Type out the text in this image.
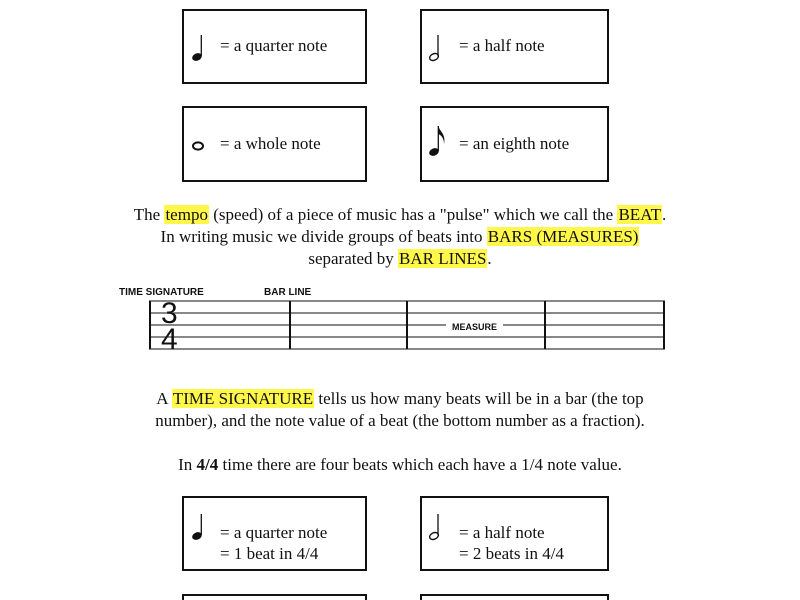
= a quarter note	= a half note
= a whole note	= an eighth note
The tempo (speed) of a piece of music has a "pulse" which we call the BEAT.
In writing music we divide groups of beats into BARS (MEASURES)
separated by BAR LINES.
TIME SIGNATURE	BAR LINE
3
4	MEASURE
A TIME SIGNATURE tells us how many beats will be in a bar (the top
number), and the note value of a beat (the bottom number as a fraction).
In 4/4 time there are four beats which each have a 1/4 note value.
= a quarter note
= 1 beat in 4/4
= a half note
= 2 beats in 4/4
